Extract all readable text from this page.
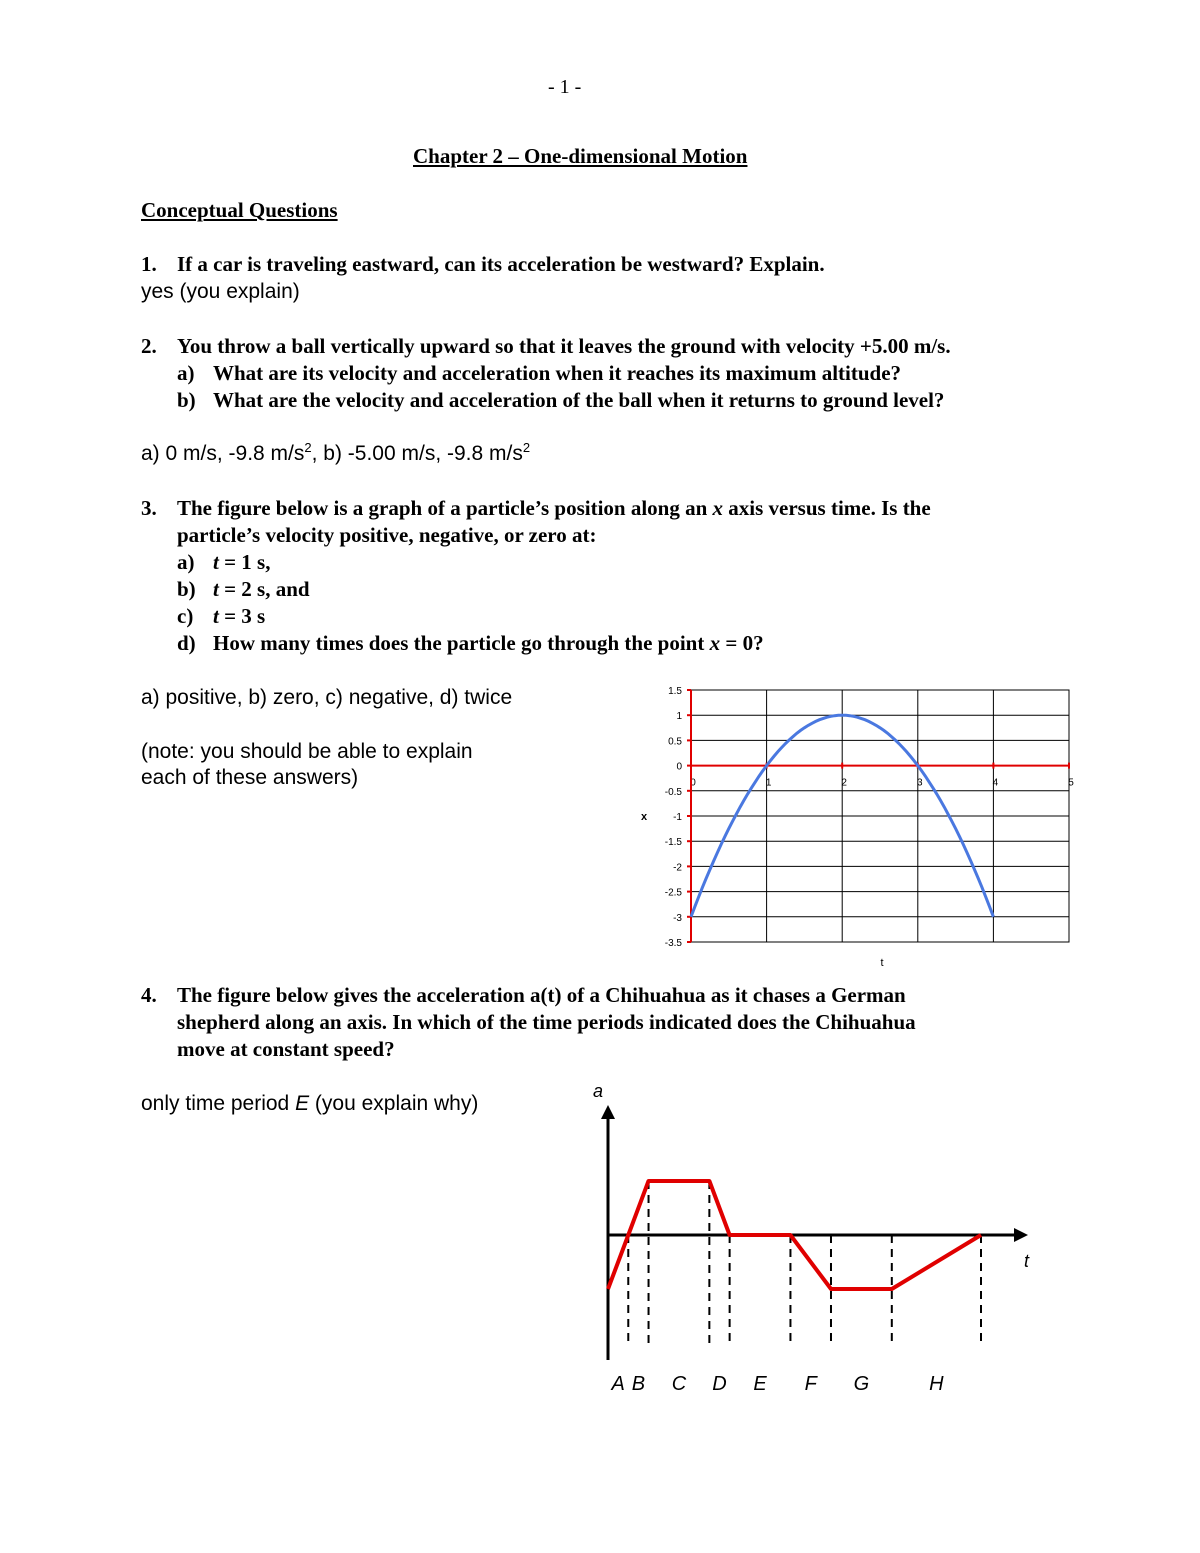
- 1 -
Chapter 2 – One-dimensional Motion
Conceptual Questions
1. If a car is traveling eastward, can its acceleration be westward? Explain.
yes (you explain)
2. You throw a ball vertically upward so that it leaves the ground with velocity +5.00 m/s.
a) What are its velocity and acceleration when it reaches its maximum altitude?
b) What are the velocity and acceleration of the ball when it returns to ground level?
a) 0 m/s, -9.8 $m/s^2$, b) -5.00 m/s, -9.8 $m/s^2$
3. The figure below is a graph of a particle’s position along an x axis versus time. Is the
particle’s velocity positive, negative, or zero at:
a) t = 1 s,
b) t = 2 s, and
c) t = 3 s
d) How many times does the particle go through the point x = 0?
a) positive, b) zero, c) negative, d) twice
(note: you should be able to explain
each of these answers)
1.5
1
0.5
0
-0.5
-1
-1.5
-2
-2.5
-3
-3.5
0	1	2	3	4	5
x
t
4. The figure below gives the acceleration a(t) of a Chihuahua as it chases a German
shepherd along an axis. In which of the time periods indicated does the Chihuahua
move at constant speed?
only time period E (you explain why)
a
t
A B C D E F G	H
